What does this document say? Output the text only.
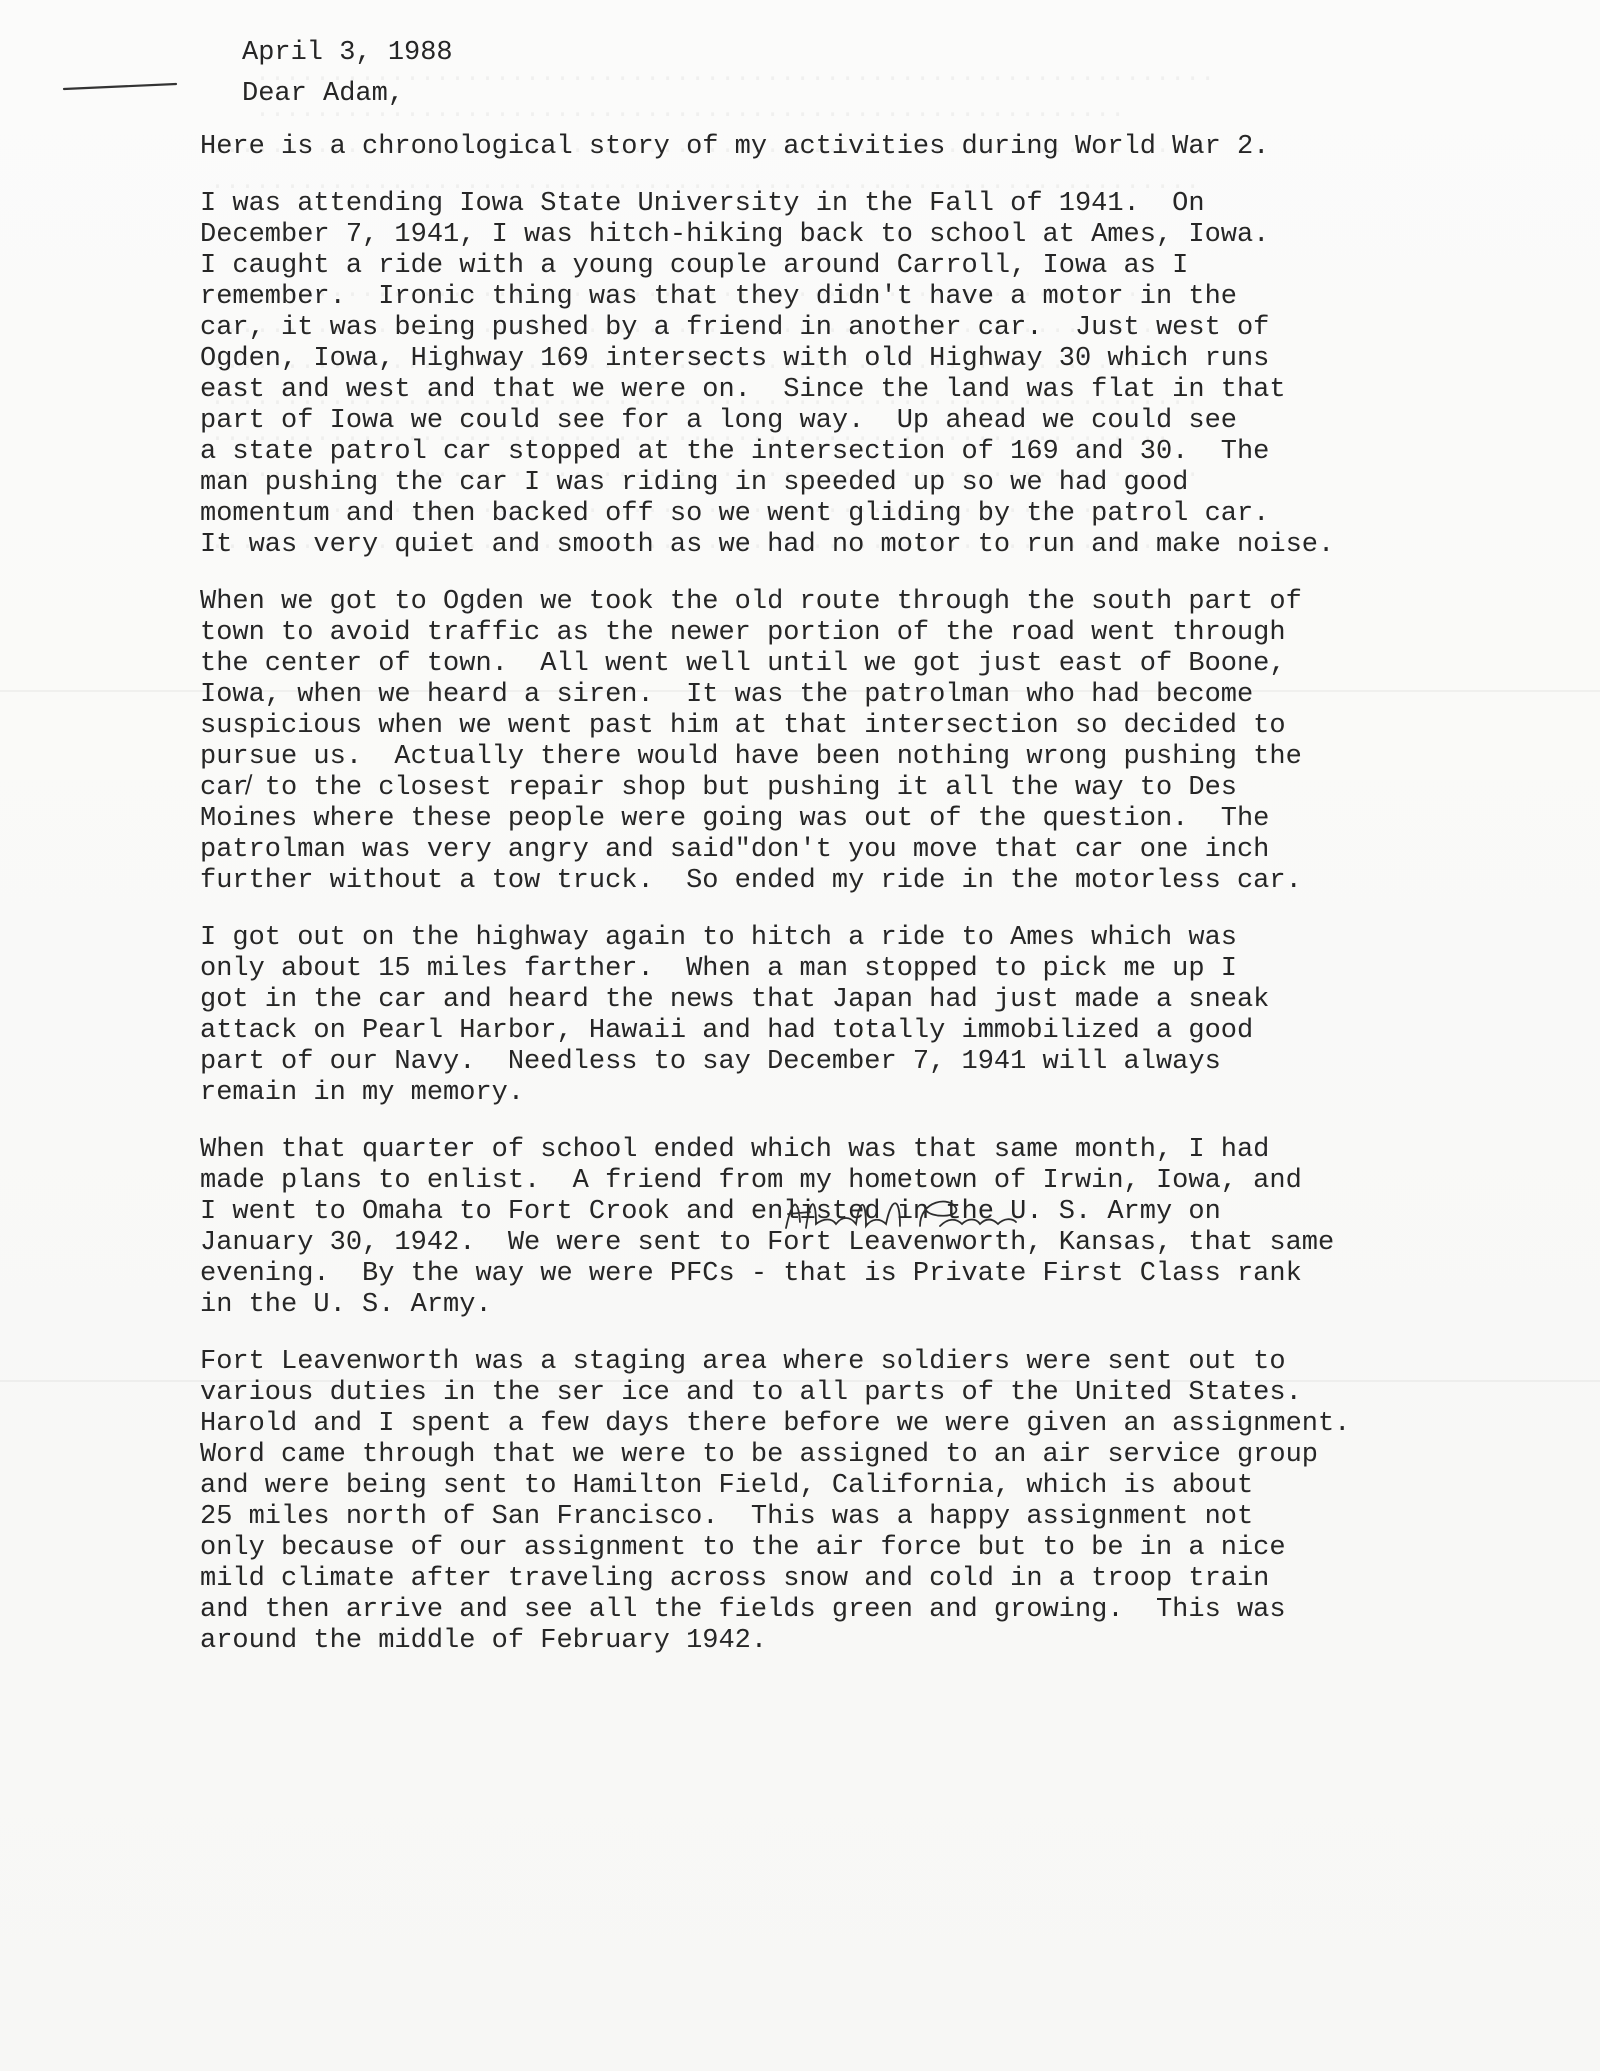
April 3, 1988
Dear Adam,
Here is a chronological story of my activities during World War 2.
I was attending Iowa State University in the Fall of 1941.  On
December 7, 1941, I was hitch-hiking back to school at Ames, Iowa.
I caught a ride with a young couple around Carroll, Iowa as I
remember.  Ironic thing was that they didn't have a motor in the
car, it was being pushed by a friend in another car.  Just west of
Ogden, Iowa, Highway 169 intersects with old Highway 30 which runs
east and west and that we were on.  Since the land was flat in that
part of Iowa we could see for a long way.  Up ahead we could see
a state patrol car stopped at the intersection of 169 and 30.  The
man pushing the car I was riding in speeded up so we had good
momentum and then backed off so we went gliding by the patrol car.
It was very quiet and smooth as we had no motor to run and make noise.
When we got to Ogden we took the old route through the south part of
town to avoid traffic as the newer portion of the road went through
the center of town.  All went well until we got just east of Boone,
Iowa, when we heard a siren.  It was the patrolman who had become
suspicious when we went past him at that intersection so decided to
pursue us.  Actually there would have been nothing wrong pushing the
car̸ to the closest repair shop but pushing it all the way to Des
Moines where these people were going was out of the question.  The
patrolman was very angry and said"don't you move that car one inch
further without a tow truck.  So ended my ride in the motorless car.
I got out on the highway again to hitch a ride to Ames which was
only about 15 miles farther.  When a man stopped to pick me up I
got in the car and heard the news that Japan had just made a sneak
attack on Pearl Harbor, Hawaii and had totally immobilized a good
part of our Navy.  Needless to say December 7, 1941 will always
remain in my memory.
When that quarter of school ended which was that same month, I had
made plans to enlist.  A friend from my hometown of Irwin, Iowa, and
I went to Omaha to Fort Crook and enlisted in the U. S. Army on
January 30, 1942.  We were sent to Fort Leavenworth, Kansas, that same
evening.  By the way we were PFCs - that is Private First Class rank
in the U. S. Army.
Fort Leavenworth was a staging area where soldiers were sent out to
various duties in the ser ice and to all parts of the United States.
Harold and I spent a few days there before we were given an assignment.
Word came through that we were to be assigned to an air service group
and were being sent to Hamilton Field, California, which is about
25 miles north of San Francisco.  This was a happy assignment not
only because of our assignment to the air force but to be in a nice
mild climate after traveling across snow and cold in a troop train
and then arrive and see all the fields green and growing.  This was
around the middle of February 1942.
